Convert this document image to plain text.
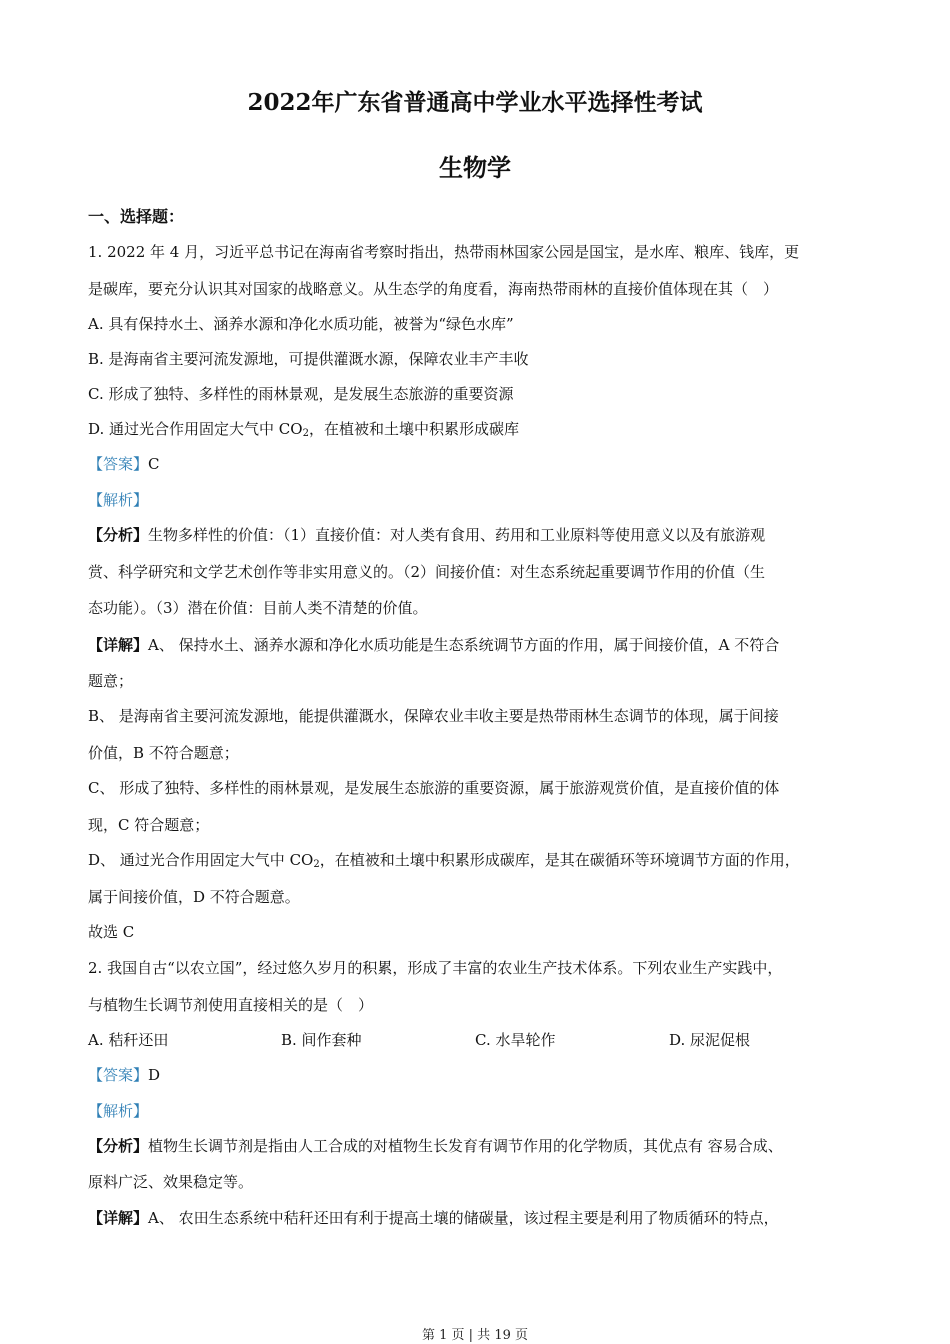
2022年广东省普通高中学业水平选择性考试
生物学
一、选择题：
1. 2022 年 4 月，习近平总书记在海南省考察时指出，热带雨林国家公园是国宝，是水库、粮库、钱库，更
是碳库，要充分认识其对国家的战略意义。从生态学的角度看，海南热带雨林的直接价值体现在其（　）
A. 具有保持水土、涵养水源和净化水质功能，被誉为“绿色水库”
B. 是海南省主要河流发源地，可提供灌溉水源，保障农业丰产丰收
C. 形成了独特、多样性的雨林景观，是发展生态旅游的重要资源
D. 通过光合作用固定大气中 $CO_2$，在植被和土壤中积累形成碳库
【答案】C
【解析】
【分析】生物多样性的价值：（1）直接价值：对人类有食用、药用和工业原料等使用意义以及有旅游观
赏、科学研究和文学艺术创作等非实用意义的。（2）间接价值：对生态系统起重要调节作用的价值（生
态功能）。（3）潜在价值：目前人类不清楚的价值。
【详解】A、 保持水土、涵养水源和净化水质功能是生态系统调节方面的作用，属于间接价值，A 不符合
题意；
B、 是海南省主要河流发源地，能提供灌溉水，保障农业丰收主要是热带雨林生态调节的体现，属于间接
价值，B 不符合题意；
C、 形成了独特、多样性的雨林景观，是发展生态旅游的重要资源，属于旅游观赏价值，是直接价值的体
现，C 符合题意；
D、 通过光合作用固定大气中 $CO_2$，在植被和土壤中积累形成碳库，是其在碳循环等环境调节方面的作用，
属于间接价值，D 不符合题意。
故选 C
2. 我国自古“以农立国”，经过悠久岁月的积累，形成了丰富的农业生产技术体系。下列农业生产实践中，
与植物生长调节剂使用直接相关的是（　）
A. 秸秆还田	B. 间作套种	C. 水旱轮作	D. 尿泥促根
【答案】D
【解析】
【分析】植物生长调节剂是指由人工合成的对植物生长发育有调节作用的化学物质，其优点有 容易合成、
原料广泛、效果稳定等。
【详解】A、 农田生态系统中秸秆还田有利于提高土壤的储碳量，该过程主要是利用了物质循环的特点，
第 1 页 | 共 19 页
